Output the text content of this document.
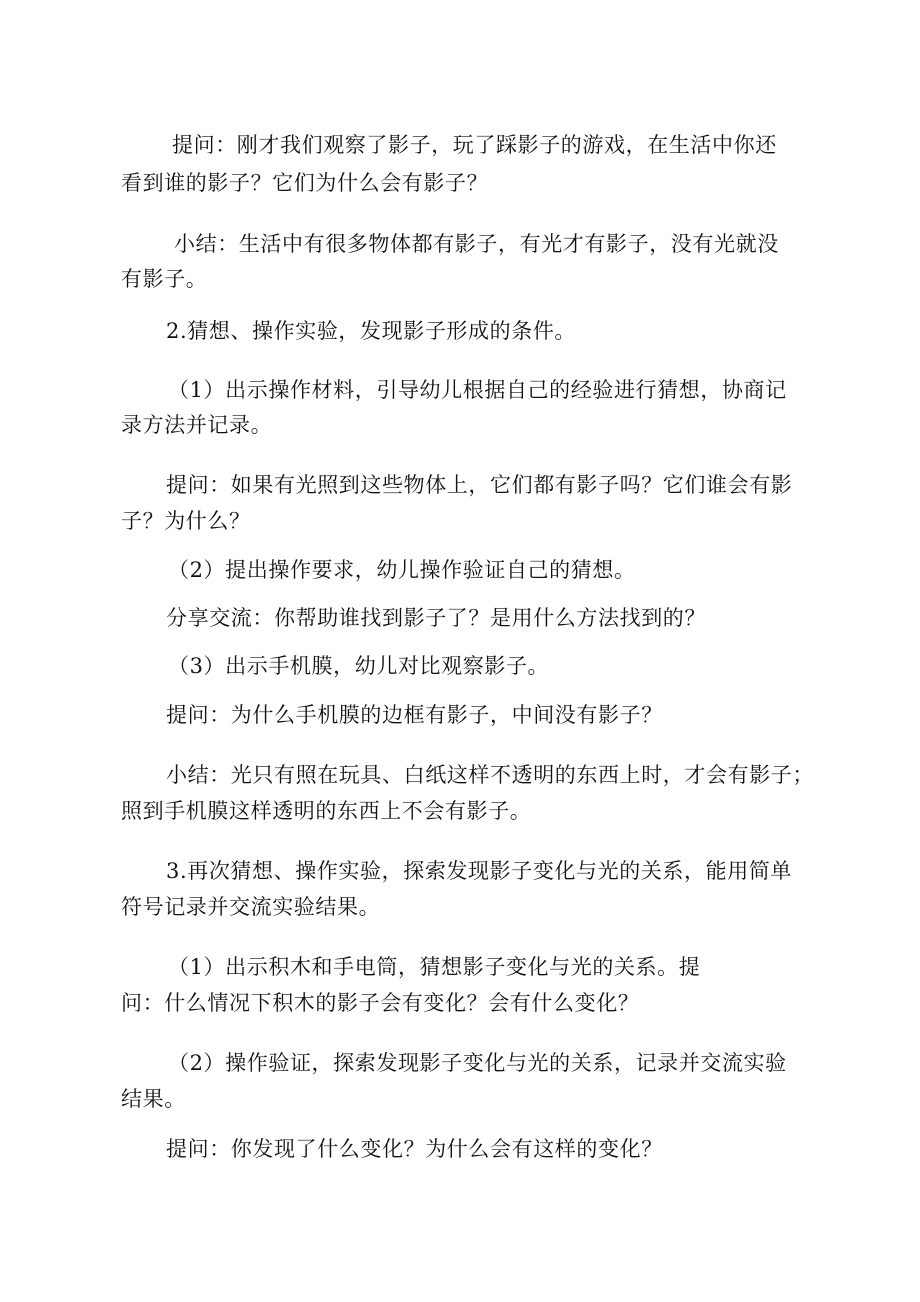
提问：刚才我们观察了影子，玩了踩影子的游戏，在生活中你还
看到谁的影子？它们为什么会有影子？
小结：生活中有很多物体都有影子，有光才有影子，没有光就没
有影子。
2.猜想、操作实验，发现影子形成的条件。
（1）出示操作材料，引导幼儿根据自己的经验进行猜想，协商记
录方法并记录。
提问：如果有光照到这些物体上，它们都有影子吗？它们谁会有影
子？为什么？
（2）提出操作要求，幼儿操作验证自己的猜想。
分享交流：你帮助谁找到影子了？是用什么方法找到的？
（3）出示手机膜，幼儿对比观察影子。
提问：为什么手机膜的边框有影子，中间没有影子？
小结：光只有照在玩具、白纸这样不透明的东西上时，才会有影子；
照到手机膜这样透明的东西上不会有影子。
3.再次猜想、操作实验，探索发现影子变化与光的关系，能用简单
符号记录并交流实验结果。
（1）出示积木和手电筒，猜想影子变化与光的关系。提
问：什么情况下积木的影子会有变化？会有什么变化？
（2）操作验证，探索发现影子变化与光的关系，记录并交流实验
结果。
提问：你发现了什么变化？为什么会有这样的变化？
